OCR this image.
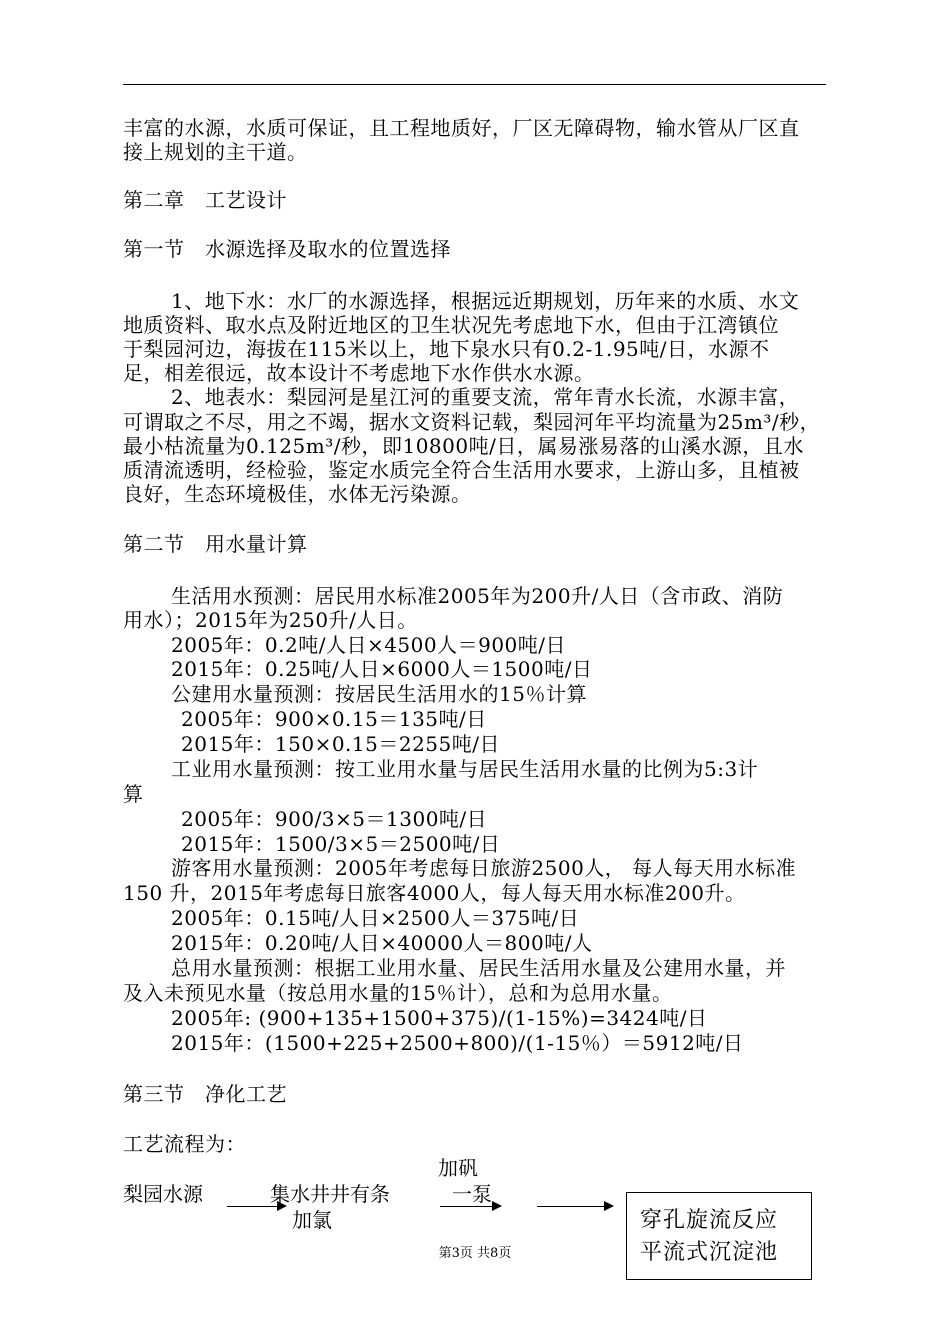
丰富的水源，水质可保证，且工程地质好，厂区无障碍物，输水管从厂区直
接上规划的主干道。
第二章　工艺设计
第一节　水源选择及取水的位置选择
1、地下水：水厂的水源选择，根据远近期规划，历年来的水质、水文
地质资料、取水点及附近地区的卫生状况先考虑地下水，但由于江湾镇位
于梨园河边，海拔在115米以上，地下泉水只有0.2-1.95吨/日，水源不
足，相差很远，故本设计不考虑地下水作供水水源。
2、地表水：梨园河是星江河的重要支流，常年青水长流，水源丰富，
可谓取之不尽，用之不竭，据水文资料记载，梨园河年平均流量为25m³/秒，
最小枯流量为0.125m³/秒，即10800吨/日，属易涨易落的山溪水源，且水
质清流透明，经检验，鉴定水质完全符合生活用水要求，上游山多，且植被
良好，生态环境极佳，水体无污染源。
第二节　用水量计算
生活用水预测：居民用水标准2005年为200升/人日（含市政、消防
用水）；2015年为250升/人日。
2005年：0.2吨/人日×4500人＝900吨/日
2015年：0.25吨/人日×6000人＝1500吨/日
公建用水量预测：按居民生活用水的15％计算
2005年：900×0.15＝135吨/日
2015年：150×0.15＝2255吨/日
工业用水量预测：按工业用水量与居民生活用水量的比例为5:3计
算
2005年：900/3×5＝1300吨/日
2015年：1500/3×5＝2500吨/日
游客用水量预测：2005年考虑每日旅游2500人， 每人每天用水标准
150 升，2015年考虑每日旅客4000人，每人每天用水标准200升。
2005年：0.15吨/人日×2500人＝375吨/日
2015年：0.20吨/人日×40000人＝800吨/人
总用水量预测：根据工业用水量、居民生活用水量及公建用水量，并
及入未预见水量（按总用水量的15％计），总和为总用水量。
2005年: (900+135+1500+375)/(1-15%)=3424吨/日
2015年：(1500+225+2500+800)/(1-15％）＝5912吨/日
第三节　净化工艺
工艺流程为：
梨园水源	集水井井有条
加氯
加矾
一泵
穿孔旋流反应
平流式沉淀池
第3页 共8页
